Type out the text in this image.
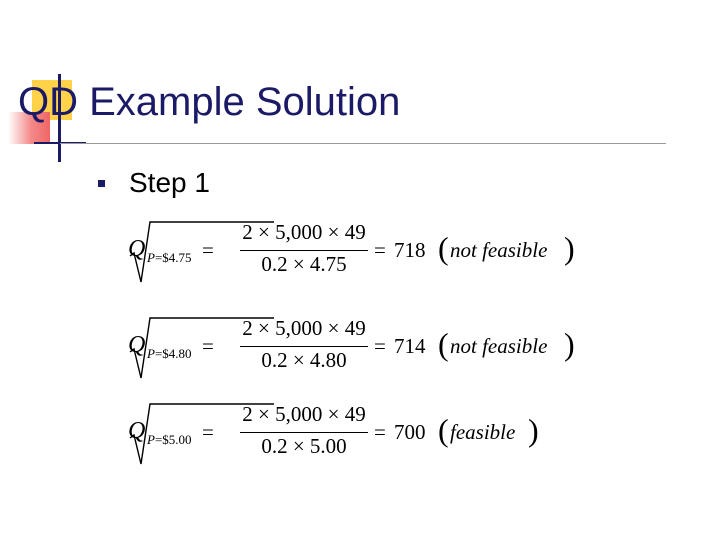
QD Example Solution
Step 1
Q P=$4.75 =
2 × 5,000 × 49
0.2 × 4.75
= 718 ( not feasible )
Q P=$4.80 =
2 × 5,000 × 49
0.2 × 4.80
= 714 ( not feasible )
Q P=$5.00 =
2 × 5,000 × 49
0.2 × 5.00
= 700 ( feasible )
